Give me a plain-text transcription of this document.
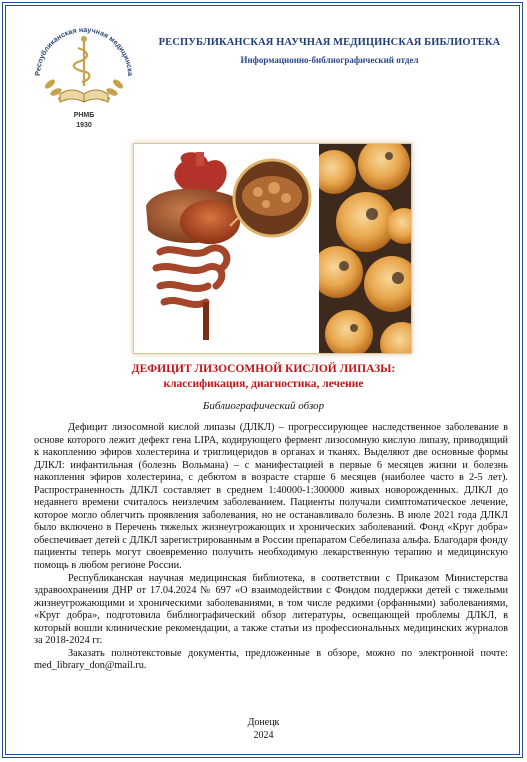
Республиканская научная медицинска
РНМБ
1930
РЕСПУБЛИКАНСКАЯ НАУЧНАЯ МЕДИЦИНСКАЯ БИБЛИОТЕКА
Информационно-библиографический отдел
ДЕФИЦИТ ЛИЗОСОМНОЙ КИСЛОЙ ЛИПАЗЫ:
классификация, диагностика, лечение
Библиографический обзор

Дефицит лизосомной кислой липазы (ДЛКЛ) – прогрессирующее наследственное заболевание в основе которого лежит дефект гена LIPA, кодирующего фермент лизосомную кислую липазу, приводящий к накоплению эфиров холестерина и триглицеридов в органах и тканях. Выделяют две основные формы ДЛКЛ: инфантильная (болезнь Вольмана) – с манифестацией в первые 6 месяцев жизни и болезнь накопления эфиров холестерина, с дебютом в возрасте старше 6 месяцев (наиболее часто в 2-5 лет). Распространенность ДЛКЛ составляет в среднем 1:40000-1:300000 живых новорожденных. ДЛКЛ до недавнего времени считалось неизлечим заболеванием. Пациенты получали симптоматическое лечение, которое могло облегчить проявления заболевания, но не останавливало болезнь. В июле 2021 года ДЛКЛ было включено в Перечень тяжелых жизнеугрожающих и хронических заболеваний. Фонд «Круг добра» обеспечивает детей с ДЛКЛ зарегистрированным в России препаратом Себелипаза альфа. Благодаря фонду пациенты теперь могут своевременно получить необходимую лекарственную терапию и медицинскую помощь в любом регионе России.

Республиканская научная медицинская библиотека, в соответствии с Приказом Министерства здравоохранения ДНР от 17.04.2024 № 697 «О взаимодействии с Фондом поддержки детей с тяжелыми жизнеугрожающими и хроническими заболеваниями, в том числе редкими (орфанными) заболеваниями, «Круг добра», подготовила библиографический обзор литературы, освещающей проблемы ДЛКЛ, в который вошли клинические рекомендации, а также статьи из профессиональных медицинских журналов за 2018-2024 гг.

Заказать полнотекстовые документы, предложенные в обзоре, можно по электронной почте: med_library_don@mail.ru.

Донецк
2024
